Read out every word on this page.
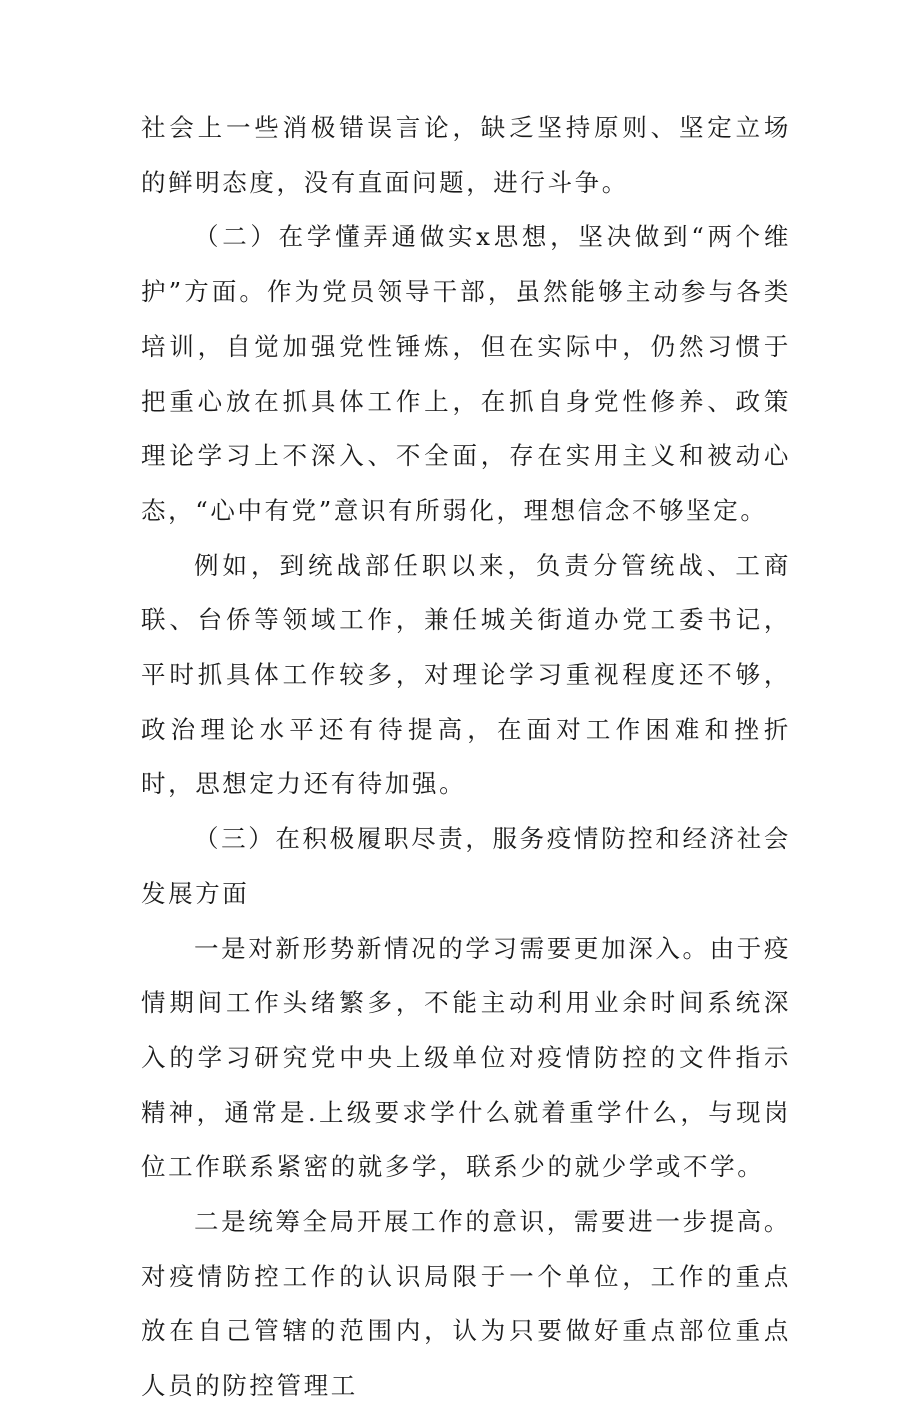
社会上一些消极错误言论，缺乏坚持原则、坚定立场的鲜明态度，没有直面问题，进行斗争。

（二）在学懂弄通做实x思想，坚决做到“两个维护”方面。作为党员领导干部，虽然能够主动参与各类培训，自觉加强党性锤炼，但在实际中，仍然习惯于把重心放在抓具体工作上，在抓自身党性修养、政策理论学习上不深入、不全面，存在实用主义和被动心态，“心中有党”意识有所弱化，理想信念不够坚定。

例如，到统战部任职以来，负责分管统战、工商联、台侨等领域工作，兼任城关街道办党工委书记，平时抓具体工作较多，对理论学习重视程度还不够，政治理论水平还有待提高，在面对工作困难和挫折时，思想定力还有待加强。

（三）在积极履职尽责，服务疫情防控和经济社会发展方面

一是对新形势新情况的学习需要更加深入。由于疫情期间工作头绪繁多，不能主动利用业余时间系统深入的学习研究党中央上级单位对疫情防控的文件指示精神，通常是.上级要求学什么就着重学什么，与现岗位工作联系紧密的就多学，联系少的就少学或不学。

二是统筹全局开展工作的意识，需要进一步提高。对疫情防控工作的认识局限于一个单位，工作的重点放在自己管辖的范围内，认为只要做好重点部位重点人员的防控管理工
